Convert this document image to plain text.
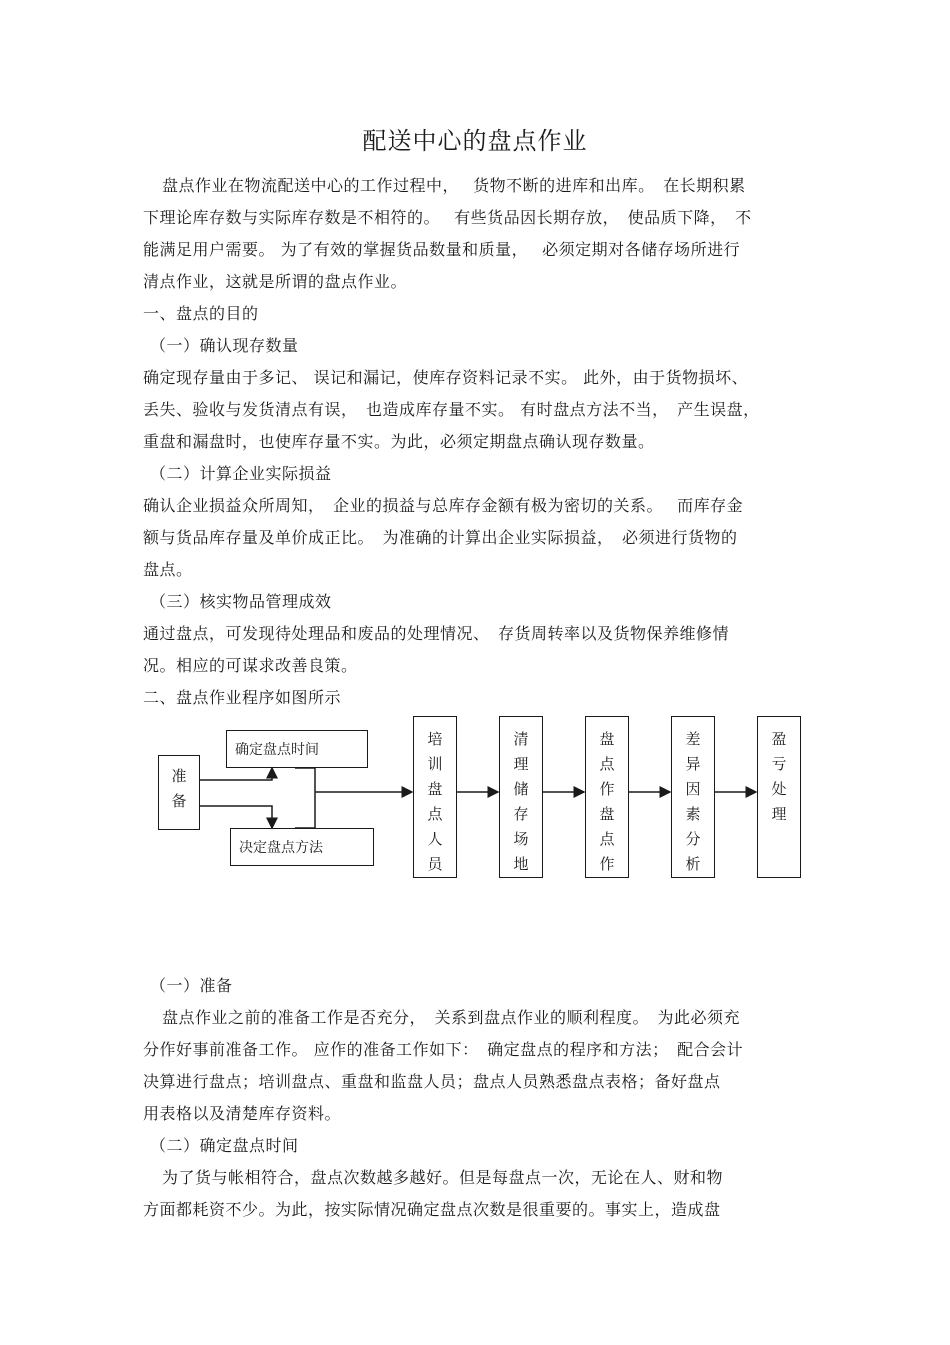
配送中心的盘点作业
盘点作业在物流配送中心的工作过程中，　 货物不断的进库和出库。　在长期积累
下理论库存数与实际库存数是不相符的。　 有些货品因长期存放，　使品质下降，　不
能满足用户需要。 为了有效的掌握货品数量和质量，　 必须定期对各储存场所进行
清点作业，这就是所谓的盘点作业。
一、盘点的目的
（一）确认现存数量
确定现存量由于多记、 误记和漏记，使库存资料记录不实。 此外，由于货物损坏、
丢失、验收与发货清点有误，　也造成库存量不实。 有时盘点方法不当，　产生误盘，
重盘和漏盘时，也使库存量不实。为此，必须定期盘点确认现存数量。
（二）计算企业实际损益
确认企业损益众所周知，　企业的损益与总库存金额有极为密切的关系。　 而库存金
额与货品库存量及单价成正比。　为准确的计算出企业实际损益，　必须进行货物的
盘点。
（三）核实物品管理成效
通过盘点，可发现待处理品和废品的处理情况、　存货周转率以及货物保养维修情
况。相应的可谋求改善良策。
二、盘点作业程序如图所示
准
备
确定盘点时间
决定盘点方法
培
训
盘
点
人
员
清
理
储
存
场
地
盘
点
作
盘
点
作
差
异
因
素
分
析
盈
亏
处
理
（一）准备
盘点作业之前的准备工作是否充分，　关系到盘点作业的顺利程度。　为此必须充
分作好事前准备工作。 应作的准备工作如下：　确定盘点的程序和方法；　配合会计
决算进行盘点；培训盘点、重盘和监盘人员；盘点人员熟悉盘点表格；备好盘点
用表格以及清楚库存资料。
（二）确定盘点时间
为了货与帐相符合，盘点次数越多越好。但是每盘点一次，无论在人、财和物
方面都耗资不少。为此，按实际情况确定盘点次数是很重要的。事实上，造成盘
